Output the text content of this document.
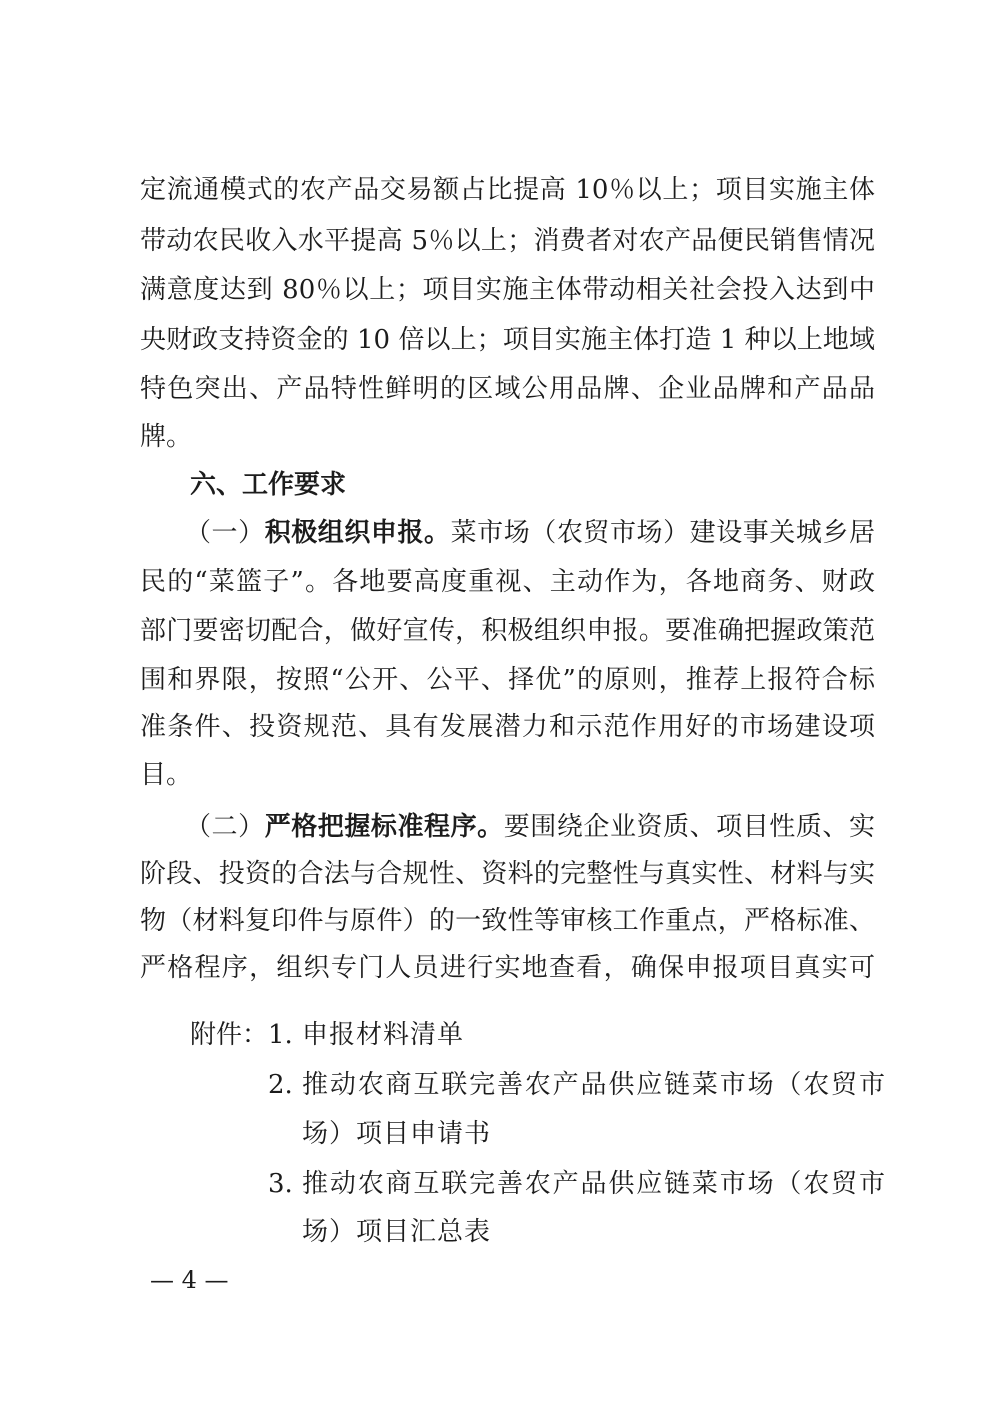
定流通模式的农产品交易额占比提高 10％以上；项目实施主体
带动农民收入水平提高 5％以上；消费者对农产品便民销售情况
满意度达到 80％以上；项目实施主体带动相关社会投入达到中
央财政支持资金的 10 倍以上；项目实施主体打造 1 种以上地域
特色突出、产品特性鲜明的区域公用品牌、企业品牌和产品品
牌。
六、工作要求
（一）积极组织申报。菜市场（农贸市场）建设事关城乡居
民的“菜篮子”。各地要高度重视、主动作为，各地商务、财政
部门要密切配合，做好宣传，积极组织申报。要准确把握政策范
围和界限，按照“公开、公平、择优”的原则，推荐上报符合标
准条件、投资规范、具有发展潜力和示范作用好的市场建设项
目。
（二）严格把握标准程序。要围绕企业资质、项目性质、实
阶段、投资的合法与合规性、资料的完整性与真实性、材料与实
物（材料复印件与原件）的一致性等审核工作重点，严格标准、
严格程序，组织专门人员进行实地查看，确保申报项目真实可
附件： 1. 申报材料清单
2. 推动农商互联完善农产品供应链菜市场（农贸市
场）项目申请书
3. 推动农商互联完善农产品供应链菜市场（农贸市
场）项目汇总表
— 4 —
